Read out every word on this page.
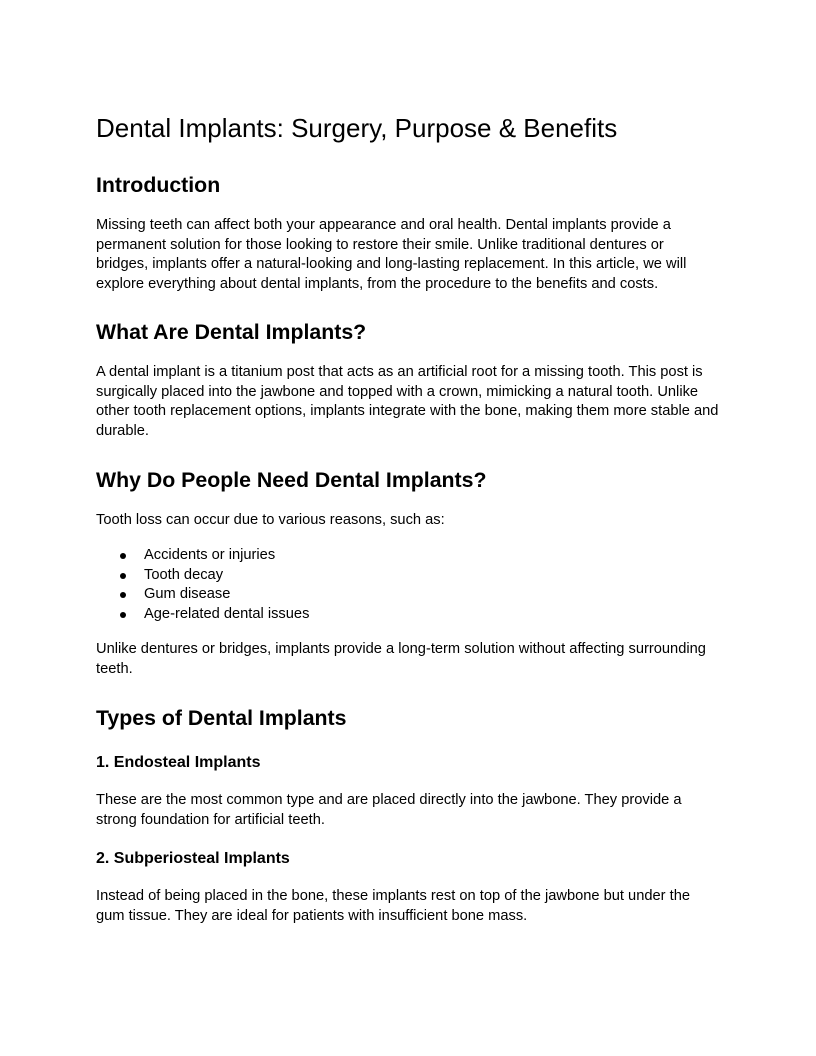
Dental Implants: Surgery, Purpose & Benefits
Introduction

Missing teeth can affect both your appearance and oral health. Dental implants provide a
permanent solution for those looking to restore their smile. Unlike traditional dentures or
bridges, implants offer a natural-looking and long-lasting replacement. In this article, we will
explore everything about dental implants, from the procedure to the benefits and costs.

What Are Dental Implants?

A dental implant is a titanium post that acts as an artificial root for a missing tooth. This post is
surgically placed into the jawbone and topped with a crown, mimicking a natural tooth. Unlike
other tooth replacement options, implants integrate with the bone, making them more stable and
durable.

Why Do People Need Dental Implants?

Tooth loss can occur due to various reasons, such as:

Accidents or injuries
Tooth decay
Gum disease
Age-related dental issues

Unlike dentures or bridges, implants provide a long-term solution without affecting surrounding
teeth.

Types of Dental Implants
1. Endosteal Implants

These are the most common type and are placed directly into the jawbone. They provide a
strong foundation for artificial teeth.

2. Subperiosteal Implants

Instead of being placed in the bone, these implants rest on top of the jawbone but under the
gum tissue. They are ideal for patients with insufficient bone mass.
